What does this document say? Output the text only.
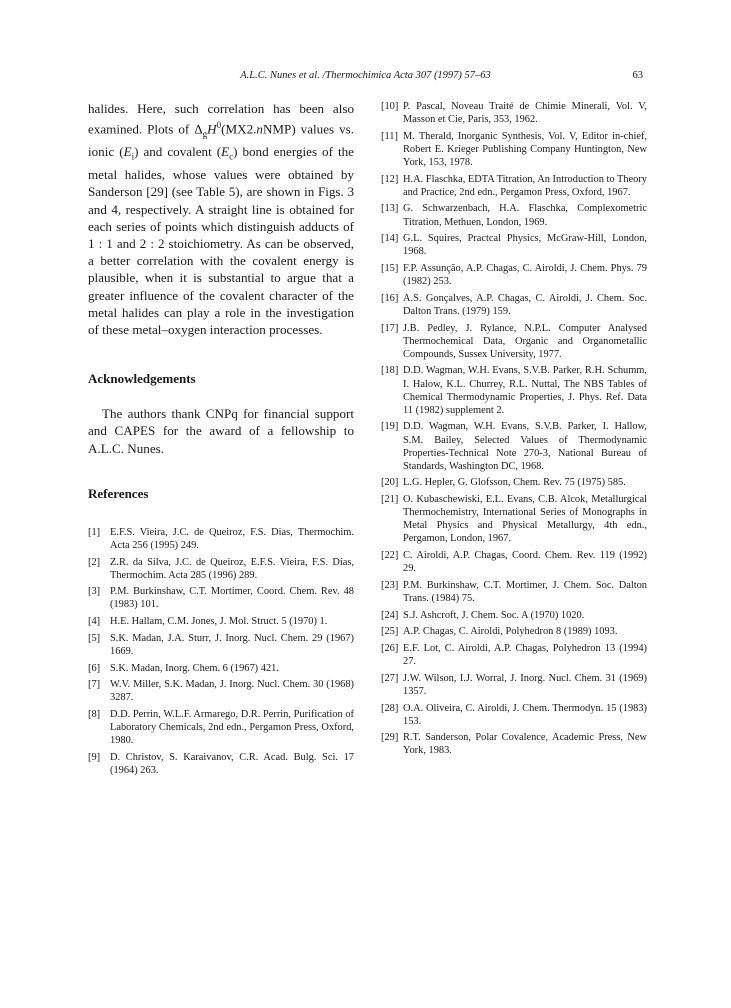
A.L.C. Nunes et al. /Thermochimica Acta 307 (1997) 57–63	63

halides. Here, such correlation has been also examined. Plots of $\Delta_gH^0(MX2.nNMP)$ values vs. ionic $(E_i)$ and covalent $(E_c)$ bond energies of the metal halides, whose values were obtained by Sanderson [29] (see Table 5), are shown in Figs. 3 and 4, respectively. A straight line is obtained for each series of points which distinguish adducts of 1 : 1 and 2 : 2 stoichiometry. As can be observed, a better correlation with the covalent energy is plausible, when it is substantial to argue that a greater influence of the covalent character of the metal halides can play a role in the investigation of these metal–oxygen interaction processes.

Acknowledgements

The authors thank CNPq for financial support and CAPES for the award of a fellowship to A.L.C. Nunes.

References
[1] E.F.S. Vieira, J.C. de Queiroz, F.S. Dias, Thermochim. Acta 256 (1995) 249.
[2] Z.R. da Silva, J.C. de Queiroz, E.F.S. Vieira, F.S. Dias, Thermochim. Acta 285 (1996) 289.
[3] P.M. Burkinshaw, C.T. Mortimer, Coord. Chem. Rev. 48 (1983) 101.
[4] H.E. Hallam, C.M. Jones, J. Mol. Struct. 5 (1970) 1.
[5] S.K. Madan, J.A. Sturr, J. Inorg. Nucl. Chem. 29 (1967) 1669.
[6] S.K. Madan, Inorg. Chem. 6 (1967) 421.
[7] W.V. Miller, S.K. Madan, J. Inorg. Nucl. Chem. 30 (1968) 3287.
[8] D.D. Perrin, W.L.F. Armarego, D.R. Perrin, Purification of Laboratory Chemicals, 2nd edn., Pergamon Press, Oxford, 1980.
[9] D. Christov, S. Karaivanov, C.R. Acad. Bulg. Sci. 17 (1964) 263.
[10] P. Pascal, Noveau Traité de Chimie Minerali, Vol. V, Masson et Cie, Paris, 353, 1962.
[11] M. Therald, Inorganic Synthesis, Vol. V, Editor in-chief, Robert E. Krieger Publishing Company Huntington, New York, 153, 1978.
[12] H.A. Flaschka, EDTA Titration, An Introduction to Theory and Practice, 2nd edn., Pergamon Press, Oxford, 1967.
[13] G. Schwarzenbach, H.A. Flaschka, Complexometric Titration, Methuen, London, 1969.
[14] G.L. Squires, Practcal Physics, McGraw-Hill, London, 1968.
[15] F.P. Assunção, A.P. Chagas, C. Airoldi, J. Chem. Phys. 79 (1982) 253.
[16] A.S. Gonçalves, A.P. Chagas, C. Airoldi, J. Chem. Soc. Dalton Trans. (1979) 159.
[17] J.B. Pedley, J. Rylance, N.P.L. Computer Analysed Thermochemical Data, Organic and Organometallic Compounds, Sussex University, 1977.
[18] D.D. Wagman, W.H. Evans, S.V.B. Parker, R.H. Schumm, I. Halow, K.L. Churrey, R.L. Nuttal, The NBS Tables of Chemical Thermodynamic Properties, J. Phys. Ref. Data 11 (1982) supplement 2.
[19] D.D. Wagman, W.H. Evans, S.V.B. Parker, I. Hallow, S.M. Bailey, Selected Values of Thermodynamic Properties-Technical Note 270-3, National Bureau of Standards, Washington DC, 1968.
[20] L.G. Hepler, G. Glofsson, Chem. Rev. 75 (1975) 585.
[21] O. Kubaschewiski, E.L. Evans, C.B. Alcok, Metallurgical Thermochemistry, International Series of Monographs in Metal Physics and Physical Metallurgy, 4th edn., Pergamon, London, 1967.
[22] C. Airoldi, A.P. Chagas, Coord. Chem. Rev. 119 (1992) 29.
[23] P.M. Burkinshaw, C.T. Mortimer, J. Chem. Soc. Dalton Trans. (1984) 75.
[24] S.J. Ashcroft, J. Chem. Soc. A (1970) 1020.
[25] A.P. Chagas, C. Airoldi, Polyhedron 8 (1989) 1093.
[26] E.F. Lot, C. Airoldi, A.P. Chagas, Polyhedron 13 (1994) 27.
[27] J.W. Wilson, I.J. Worral, J. Inorg. Nucl. Chem. 31 (1969) 1357.
[28] O.A. Oliveira, C. Airoldi, J. Chem. Thermodyn. 15 (1983) 153.
[29] R.T. Sanderson, Polar Covalence, Academic Press, New York, 1983.
